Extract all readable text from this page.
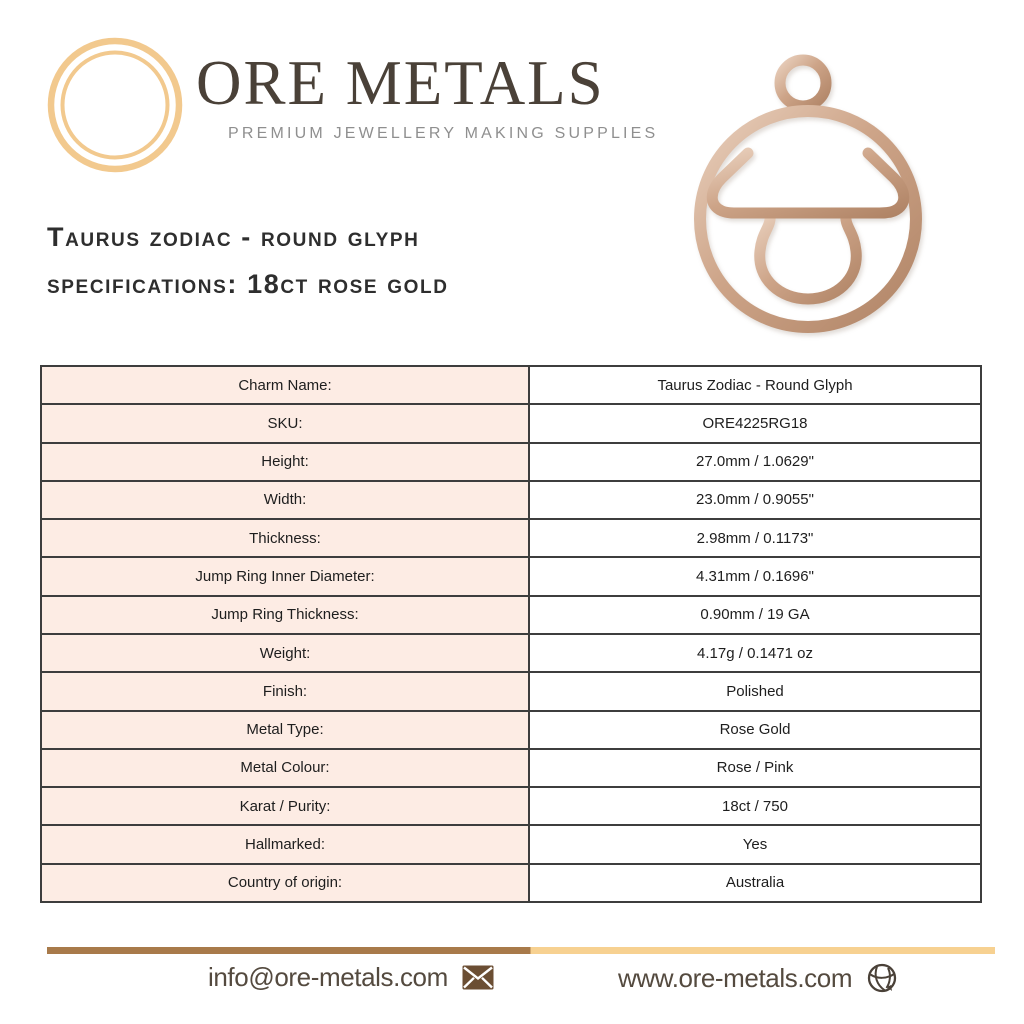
ORE METALS
PREMIUM JEWELLERY MAKING SUPPLIES
Taurus zodiac - round glyph
specifications: 18ct rose gold
Charm Name:	Taurus Zodiac - Round Glyph
SKU:	ORE4225RG18
Height:	27.0mm / 1.0629"
Width:	23.0mm / 0.9055"
Thickness:	2.98mm / 0.1173"
Jump Ring Inner Diameter:	4.31mm / 0.1696"
Jump Ring Thickness:	0.90mm / 19 GA
Weight:	4.17g / 0.1471 oz
Finish:	Polished
Metal Type:	Rose Gold
Metal Colour:	Rose / Pink
Karat / Purity:	18ct / 750
Hallmarked:	Yes
Country of origin:	Australia
info@ore-metals.com	www.ore-metals.com
